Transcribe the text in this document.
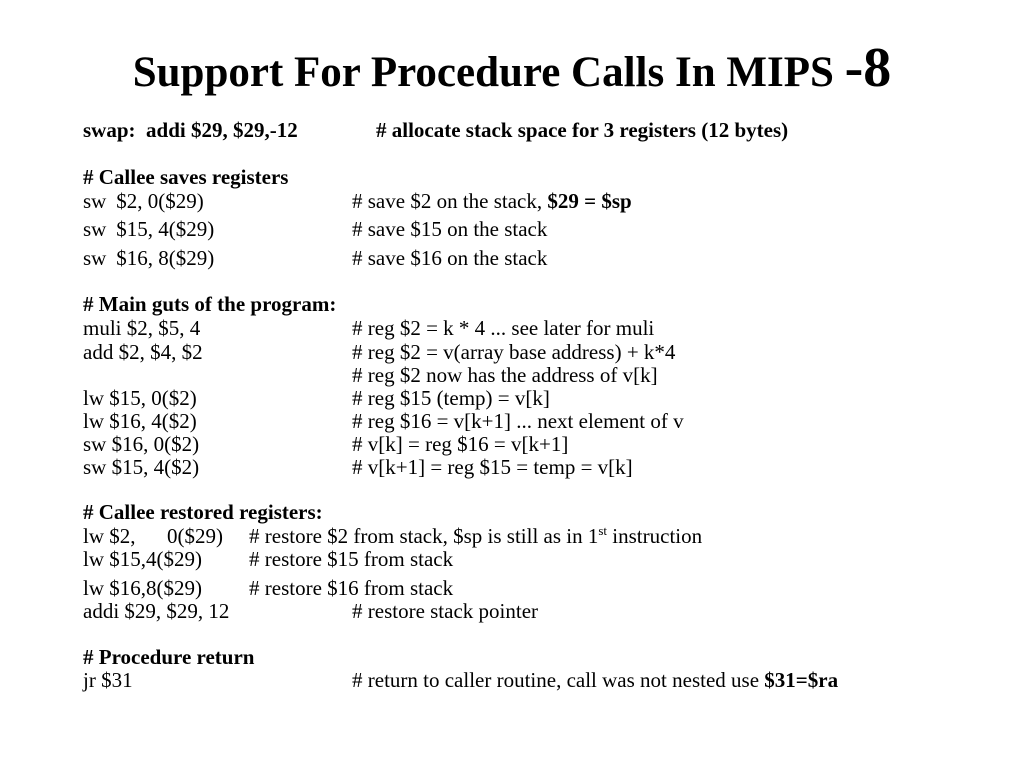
Support For Procedure Calls In MIPS -8
swap: addi $29, $29,-12	# allocate stack space for 3 registers (12 bytes)
# Callee saves registers
sw $2, 0($29)	# save $2 on the stack, $29 = $sp
sw $15, 4($29)	# save $15 on the stack
sw $16, 8($29)	# save $16 on the stack
# Main guts of the program:
muli $2, $5, 4	# reg $2 = k * 4 ... see later for muli
add $2, $4, $2	# reg $2 = v(array base address) + k*4
# reg $2 now has the address of v[k]
lw $15, 0($2)	# reg $15 (temp) = v[k]
lw $16, 4($2)	# reg $16 = v[k+1] ... next element of v
sw $16, 0($2)	# v[k] = reg $16 = v[k+1]
sw $15, 4($2)	# v[k+1] = reg $15 = temp = v[k]
# Callee restored registers:
lw $2, 0($29) # restore $2 from stack, $sp is still as in 1st instruction
lw $15,4($29) # restore $15 from stack
lw $16,8($29) # restore $16 from stack
addi $29, $29, 12	# restore stack pointer
# Procedure return
jr $31	# return to caller routine, call was not nested use $31=$ra
